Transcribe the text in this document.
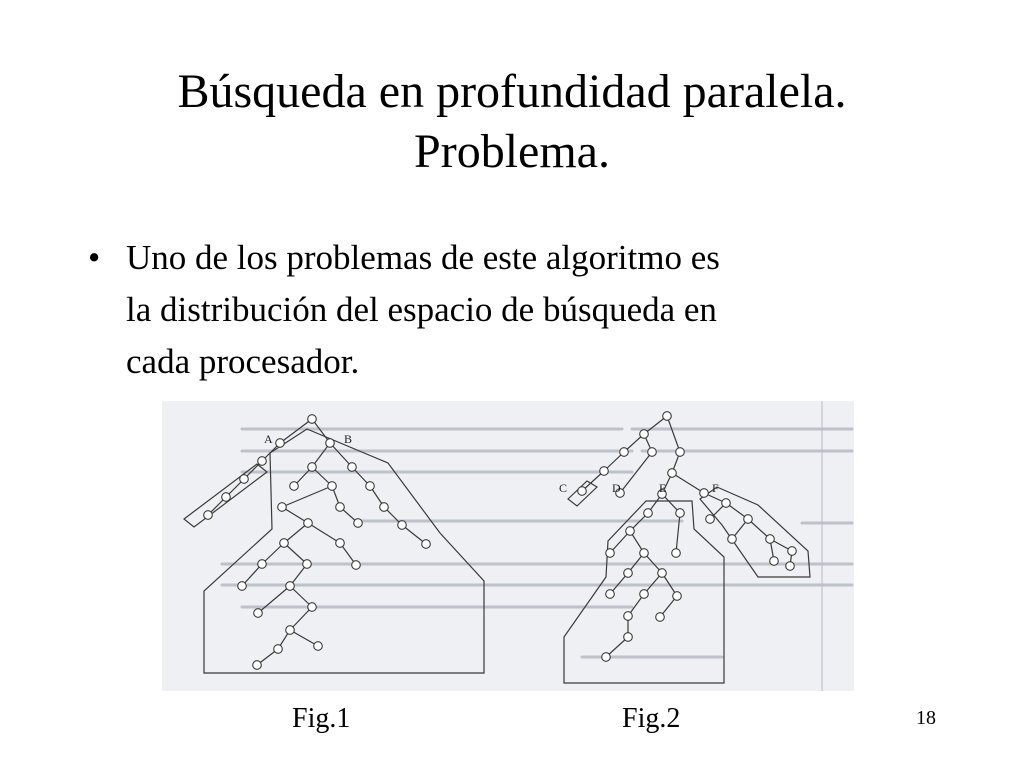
Búsqueda en profundidad paralela.
Problema.
• Uno de los problemas de este algoritmo es
la distribución del espacio de búsqueda en
cada procesador.
A	B
C	D	E	F
Fig.1	Fig.2	18
